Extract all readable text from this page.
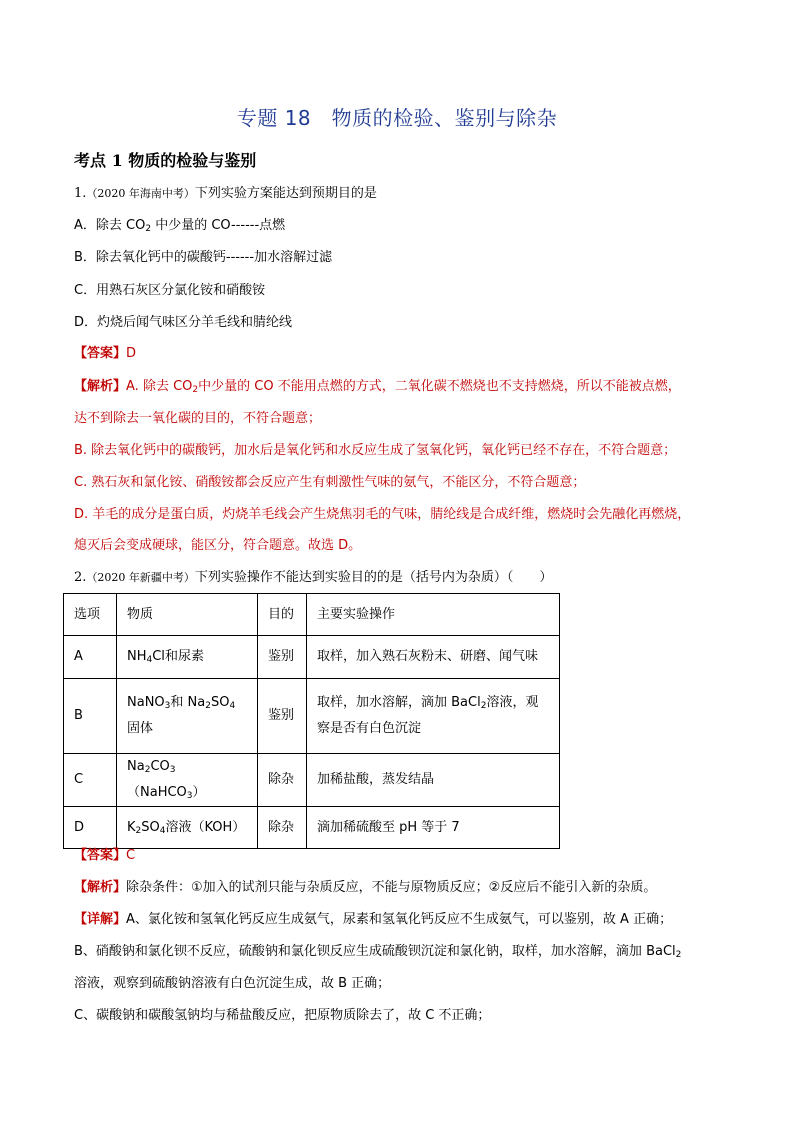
专题 18　物质的检验、鉴别与除杂
考点 1 物质的检验与鉴别
1.（2020 年海南中考）下列实验方案能达到预期目的是
A．除去 $CO_2$ 中少量的 CO------点燃
B．除去氧化钙中的碳酸钙------加水溶解过滤
C．用熟石灰区分氯化铵和硝酸铵
D．灼烧后闻气味区分羊毛线和腈纶线
【答案】D
【解析】A. 除去 $CO_2$中少量的 CO 不能用点燃的方式，二氧化碳不燃烧也不支持燃烧，所以不能被点燃，
达不到除去一氧化碳的目的，不符合题意；
B. 除去氧化钙中的碳酸钙，加水后是氧化钙和水反应生成了氢氧化钙，氧化钙已经不存在，不符合题意；
C. 熟石灰和氯化铵、硝酸铵都会反应产生有刺激性气味的氨气，不能区分，不符合题意；
D. 羊毛的成分是蛋白质，灼烧羊毛线会产生烧焦羽毛的气味，腈纶线是合成纤维，燃烧时会先融化再燃烧，
熄灭后会变成硬球，能区分，符合题意。故选 D。
2.（2020 年新疆中考）下列实验操作不能达到实验目的的是（括号内为杂质）（　　）
选项	物质	目的	主要实验操作
A	$NH_4Cl$和尿素	鉴别	取样，加入熟石灰粉末、研磨、闻气味
B	NaNO$_3$和 $Na_2SO_4$固体	鉴别	取样，加水溶解，滴加 BaCl$_2$溶液，观察是否有白色沉淀
C	$Na_2CO_3(NaHCO_3)$	除杂	加稀盐酸，蒸发结晶
D	$K_2SO_4$溶液（KOH）	除杂	滴加稀硫酸至 pH 等于 7
【答案】C
【解析】除杂条件：①加入的试剂只能与杂质反应，不能与原物质反应；②反应后不能引入新的杂质。
【详解】A、氯化铵和氢氧化钙反应生成氨气，尿素和氢氧化钙反应不生成氨气，可以鉴别，故 A 正确；
B、硝酸钠和氯化钡不反应，硫酸钠和氯化钡反应生成硫酸钡沉淀和氯化钠，取样，加水溶解，滴加 BaCl$_2$
溶液，观察到硫酸钠溶液有白色沉淀生成，故 B 正确；
C、碳酸钠和碳酸氢钠均与稀盐酸反应，把原物质除去了，故 C 不正确；
